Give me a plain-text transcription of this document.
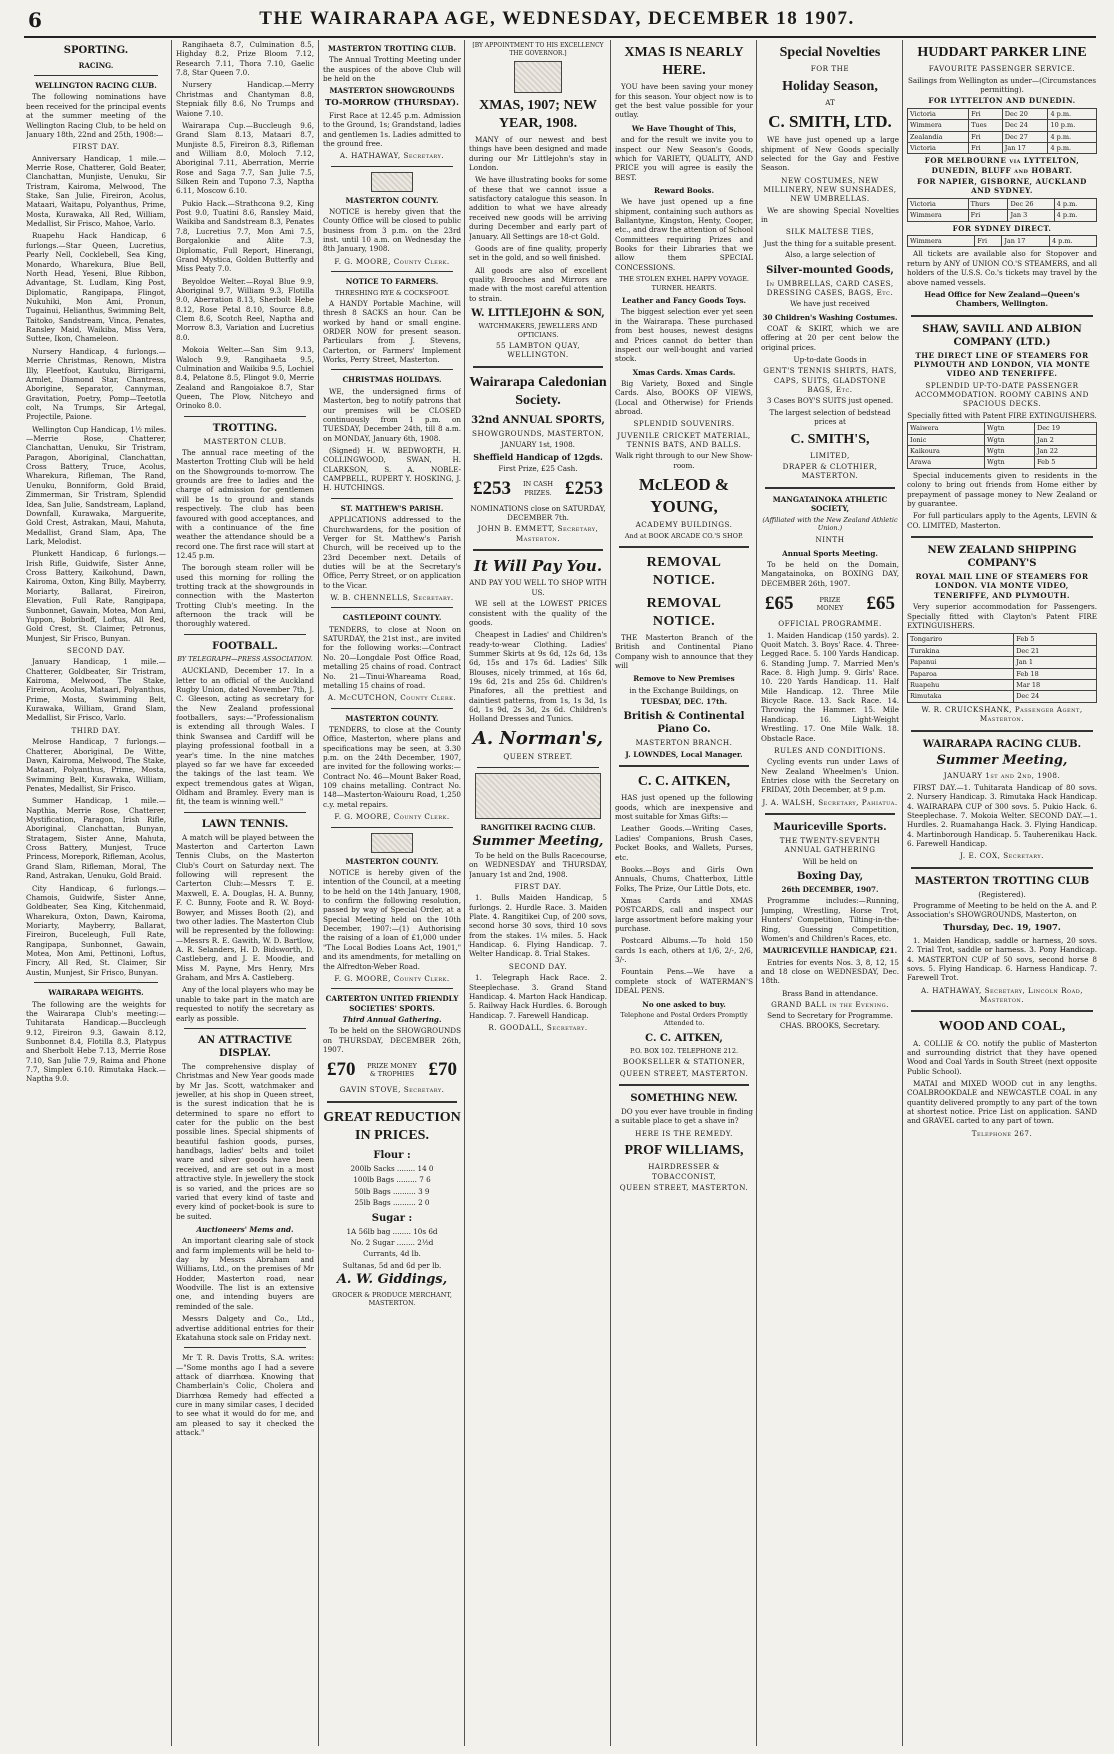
6	THE WAIRARAPA AGE, WEDNESDAY, DECEMBER 18 1907.
SPORTING.
RACING.
WELLINGTON RACING CLUB.

The following nominations have been received for the principal events at the summer meeting of the Wellington Racing Club, to be held on January 18th, 22nd and 25th, 1908:—

FIRST DAY.

Anniversary Handicap, 1 mile.—Merrie Rose, Chatterer, Gold Beater, Clanchattan, Munjiste, Uenuku, Sir Tristram, Kairoma, Melwood, The Stake, San Julie, Fireiron, Acolus, Mataari, Waitapu, Polyanthus, Prime, Mosta, Kurawaka, All Red, William, Medallist, Sir Frisco, Mahoe, Varlo.

Ruapehu Hack Handicap, 6 furlongs.—Star Queen, Lucretius, Pearly Nell, Cocklebell, Sea King, Monardo, Wharekura, Blue Bell, North Head, Yeseni, Blue Ribbon, Advantage, St. Ludlam, King Post, Diplomatic, Rangipapa, Flingot, Nukuhiki, Mon Ami, Pronun, Tugainui, Helianthus, Swimming Belt, Taitoko, Sandstream, Vinca, Penates, Ransley Maid, Waikiba, Miss Vera, Suttee, Ikon, Chameleon.

Nursery Handicap, 4 furlongs.—Merrie Christmas, Renown, Mistra Illy, Fleetfoot, Kautuku, Birrigarni, Armlet, Diamond Star, Chantress, Aborigine, Separator, Cannyman, Gravitation, Poetry, Pomp—Teetotla colt, Na Trumps, Sir Artegal, Projectile, Paione.

Wellington Cup Handicap, 1½ miles.—Merrie Rose, Chatterer, Clanchattan, Uenuku, Sir Tristram, Paragon, Aboriginal, Clanchattan, Cross Battery, Truce, Acolus, Wharekura, Rifleman, The Rand, Uenuku, Bonniform, Gold Braid, Zimmerman, Sir Tristram, Splendid Idea, San Julie, Sandstream, Lapland, Downfall, Kurawaka, Marguerite, Gold Crest, Astrakan, Maui, Mahuta, Medallist, Grand Slam, Apa, The Lark, Melodist.

Plunkett Handicap, 6 furlongs.—Irish Rifle, Guidwife, Sister Anne, Cross Battery, Kaikohund, Dawn, Kairoma, Oxton, King Billy, Mayberry, Moriarty, Ballarat, Fireiron, Elevation, Full Rate, Rangipapa, Sunbonnet, Gawain, Motea, Mon Ami, Yuppon, Bobriboff, Loftus, All Red, Gold Crest, St. Claimer, Petronus, Munjest, Sir Frisco, Bunyan.

SECOND DAY.

January Handicap, 1 mile.—Chatterer, Goldbeater, Sir Tristram, Kairoma, Melwood, The Stake, Fireiron, Acolus, Mataari, Polyanthus, Prime, Mosta, Swimming Belt, Kurawaka, William, Grand Slam, Medallist, Sir Frisco, Varlo.

THIRD DAY.

Melrose Handicap, 7 furlongs.—Chatterer, Aboriginal, De Witte, Dawn, Kairoma, Melwood, The Stake, Mataari, Polyanthus, Prime, Mosta, Swimming Belt, Kurawaka, William, Penates, Medallist, Sir Frisco.

Summer Handicap, 1 mile.—Napthia, Merrie Rose, Chatterer, Mystification, Paragon, Irish Rifle, Aboriginal, Clanchattan, Bunyan, Stratagem, Sister Anne, Mahuta, Cross Battery, Munjest, Truce Princess, Morepork, Rifleman, Acolus, Grand Slam, Rifleman, Moral, The Rand, Astrakan, Uenuku, Gold Braid.

City Handicap, 6 furlongs.—Chamois, Guidwife, Sister Anne, Goldbeater, Sea King, Kitchenmaid, Wharekura, Oxton, Dawn, Kairoma, Moriarty, Mayberry, Ballarat, Fireiron, Buceleugh, Full Rate, Rangipapa, Sunbonnet, Gawain, Motea, Mon Ami, Pettinoni, Loftus, Fincry, All Red, St. Claimer, Sir Austin, Munjest, Sir Frisco, Bunyan.

WAIRARAPA WEIGHTS.

The following are the weights for the Wairarapa Club's meeting:—Tuhitarata Handicap.—Buccleugh 9.12, Fireiron 9.3, Gawain 8.12, Sunbonnet 8.4, Flotilla 8.3, Platypus and Sherbolt Hebe 7.13, Merrie Rose 7.10, San Julie 7.9, Raima and Phone 7.7, Simplex 6.10. Rimutaka Hack.—Naptha 9.0.

Rangihaeta 8.7, Culmination 8.5, Highday 8.2, Prize Bloom 7.12, Research 7.11, Thora 7.10, Gaelic 7.8, Star Queen 7.0.

Nursery Handicap.—Merry Christmas and Chantyman 8.8, Stepniak filly 8.6, No Trumps and Waione 7.10.

Wairarapa Cup.—Buccleugh 9.6, Grand Slam 8.13, Mataari 8.7, Munjiste 8.5, Fireiron 8.3, Rifleman and William 8.0, Moloch 7.12, Aboriginal 7.11, Aberration, Merrie Rose and Saga 7.7, San Julie 7.5, Silken Rein and Tupono 7.3, Naptha 6.11, Moscow 6.10.

Pukio Hack.—Strathcona 9.2, King Post 9.0, Tuatini 8.6, Ransley Maid, Waikiba and Sandstream 8.3, Penates 7.8, Lucretius 7.7, Mon Ami 7.5, Borgalonkie and Alite 7.3, Diplomatic, Full Report, Hinerangi, Grand Mystica, Golden Butterfly and Miss Peaty 7.0.

Beyoldoe Welter.—Royal Blue 9.9, Aboriginal 9.7, William 9.3, Flotilla 9.0, Aberration 8.13, Sherbolt Hebe 8.12, Rose Petal 8.10, Source 8.8, Clem 8.6, Scotch Reel, Naptha and Morrow 8.3, Variation and Lucretius 8.0.

Mokoia Welter.—San Sim 9.13, Waloch 9.9, Rangihaeta 9.5, Culmination and Waikiba 9.5, Lochiel 8.4, Pelatone 8.5, Flingot 9.0, Merrie Zealand and Rangoiakoe 8.7, Star Queen, The Plow, Nitcheyo and Orinoko 8.0.

TROTTING.
MASTERTON CLUB.

The annual race meeting of the Masterton Trotting Club will be held on the Showgrounds to-morrow. The grounds are free to ladies and the charge of admission for gentlemen will be 1s to ground and stands respectively. The club has been favoured with good acceptances, and with a continuance of the fine weather the attendance should be a record one. The first race will start at 12.45 p.m.

The borough steam roller will be used this morning for rolling the trotting track at the showgrounds in connection with the Masterton Trotting Club's meeting. In the afternoon the track will be thoroughly watered.

FOOTBALL.
BY TELEGRAPH—PRESS ASSOCIATION.

AUCKLAND, December 17. In a letter to an official of the Auckland Rugby Union, dated November 7th, J. C. Gleeson, acting as secretary for the New Zealand professional footballers, says:—"Professionalism is extending all through Wales. I think Swansea and Cardiff will be playing professional football in a year's time. In the nine matches played so far we have far exceeded the takings of the last team. We expect tremendous gates at Wigan, Oldham and Bramley. Every man is fit, the team is winning well."

LAWN TENNIS.

A match will be played between the Masterton and Carterton Lawn Tennis Clubs, on the Masterton Club's Court on Saturday next. The following will represent the Carterton Club:—Messrs T. E. Maxwell, E. A. Douglas, H. A. Bunny, F. C. Bunny, Foote and R. W. Boyd-Bowyer, and Misses Booth (2), and two other ladies. The Masterton Club will be represented by the following:—Messrs R. E. Gawith, W. D. Bartlow, A. R. Selanders, H. D. Bidsworth, D. Castleberg, and J. E. Moodie, and Miss M. Payne, Mrs Henry, Mrs Graham, and Mrs A. Castleberg.

Any of the local players who may be unable to take part in the match are requested to notify the secretary as early as possible.

AN ATTRACTIVE DISPLAY.

The comprehensive display of Christmas and New Year goods made by Mr Jas. Scott, watchmaker and jeweller, at his shop in Queen street, is the surest indication that he is determined to spare no effort to cater for the public on the best possible lines. Special shipments of beautiful fashion goods, purses, handbags, ladies' belts and toilet ware and silver goods have been received, and are set out in a most attractive style. In jewellery the stock is so varied, and the prices are so varied that every kind of taste and every kind of pocket-book is sure to be suited.

Auctioneers' Mems and.

An important clearing sale of stock and farm implements will be held to-day by Messrs Abraham and Williams, Ltd., on the premises of Mr Hodder, Masterton road, near Woodville. The list is an extensive one, and intending buyers are reminded of the sale.

Messrs Dalgety and Co., Ltd., advertise additional entries for their Ekatahuna stock sale on Friday next.

Mr T. R. Davis Trotts, S.A. writes:—"Some months ago I had a severe attack of diarrhœa. Knowing that Chamberlain's Colic, Cholera and Diarrhœa Remedy had effected a cure in many similar cases, I decided to see what it would do for me, and am pleased to say it checked the attack."

MASTERTON TROTTING CLUB.

The Annual Trotting Meeting under the auspices of the above Club will be held on the

MASTERTON SHOWGROUNDS
TO-MORROW (THURSDAY).

First Race at 12.45 p.m. Admission to the Ground, 1s; Grandstand, ladies and gentlemen 1s. Ladies admitted to the ground free.

A. HATHAWAY, Secretary.
MASTERTON COUNTY.

NOTICE is hereby given that the County Office will be closed to public business from 3 p.m. on the 23rd inst. until 10 a.m. on Wednesday the 8th January, 1908.

F. G. MOORE, County Clerk.
NOTICE TO FARMERS.
THRESHING RYE & COCKSFOOT.

A HANDY Portable Machine, will thresh 8 SACKS an hour. Can be worked by hand or small engine. ORDER NOW for present season. Particulars from J. Stevens, Carterton, or Farmers' Implement Works, Perry Street, Masterton.

CHRISTMAS HOLIDAYS.

WE, the undersigned firms of Masterton, beg to notify patrons that our premises will be CLOSED continuously from 1 p.m. on TUESDAY, December 24th, till 8 a.m. on MONDAY, January 6th, 1908.

(Signed) H. W. BEDWORTH, H. COLLINGWOOD, SWAN, H. CLARKSON, S. A. NOBLE-CAMPBELL, RUPERT Y. HOSKING, J. H. HUTCHINGS.

ST. MATTHEW'S PARISH.

APPLICATIONS addressed to the Churchwardens, for the position of Verger for St. Matthew's Parish Church, will be received up to the 23rd December next. Details of duties will be at the Secretary's Office, Perry Street, or on application to the Vicar.

W. B. CHENNELLS, Secretary.
CASTLEPOINT COUNTY.

TENDERS, to close at Noon on SATURDAY, the 21st inst., are invited for the following works:—Contract No. 20—Longdale Post Office Road, metalling 25 chains of road. Contract No. 21—Tinui-Whareama Road, metalling 15 chains of road.

A. McCUTCHON, County Clerk.
MASTERTON COUNTY.

TENDERS, to close at the County Office, Masterton, where plans and specifications may be seen, at 3.30 p.m. on the 24th December, 1907, are invited for the following works:—Contract No. 46—Mount Baker Road, 109 chains metalling. Contract No. 148—Masterton-Waiouru Road, 1,250 c.y. metal repairs.

F. G. MOORE, County Clerk.
MASTERTON COUNTY.

NOTICE is hereby given of the intention of the Council, at a meeting to be held on the 14th January, 1908, to confirm the following resolution, passed by way of Special Order, at a Special Meeting held on the 10th December, 1907:—(1) Authorising the raising of a loan of £1,000 under "The Local Bodies Loans Act, 1901," and its amendments, for metalling on the Alfredton-Weber Road.

F. G. MOORE, County Clerk.
CARTERTON UNITED FRIENDLY SOCIETIES' SPORTS.
Third Annual Gathering.

To be held on the SHOWGROUNDS on THURSDAY, DECEMBER 26th, 1907.

£70 PRIZE MONEY & TROPHIES £70
GAVIN STOVE, Secretary.
GREAT REDUCTION IN PRICES.
Flour :
200lb Sacks ........ 14 0
100lb Bags ......... 7 6
50lb Bags .......... 3 9
25lb Bags .......... 2 0
Sugar :
1A 56lb bag ........ 10s 6d
No. 2 Sugar ........ 2½d
Currants, 4d lb.
Sultanas, 5d and 6d per lb.
A. W. Giddings,
GROCER & PRODUCE MERCHANT, MASTERTON.
[BY APPOINTMENT TO HIS EXCELLENCY THE GOVERNOR.]
XMAS, 1907; NEW YEAR, 1908.

MANY of our newest and best things have been designed and made during our Mr Littlejohn's stay in London.

We have illustrating books for some of these that we cannot issue a satisfactory catalogue this season. In addition to what we have already received new goods will be arriving during December and early part of January. All Settings are 18-ct Gold.

Goods are of fine quality, properly set in the gold, and so well finished.

All goods are also of excellent quality. Brooches and Mirrors are made with the most careful attention to strain.

W. LITTLEJOHN & SON,
WATCHMAKERS, JEWELLERS AND OPTICIANS.
55 LAMBTON QUAY, WELLINGTON.
Wairarapa Caledonian Society.
32nd ANNUAL SPORTS,
SHOWGROUNDS, MASTERTON,
JANUARY 1st, 1908.
Sheffield Handicap of 12gds.
First Prize, £25 Cash.
£253	IN CASH PRIZES. £253
NOMINATIONS close on SATURDAY, DECEMBER 7th.
JOHN B. EMMETT, Secretary, Masterton.
It Will Pay You.
AND PAY YOU WELL TO SHOP WITH US.

WE sell at the LOWEST PRICES consistent with the quality of the goods.

Cheapest in Ladies' and Children's ready-to-wear Clothing. Ladies' Summer Skirts at 9s 6d, 12s 6d, 13s 6d, 15s and 17s 6d. Ladies' Silk Blouses, nicely trimmed, at 16s 6d, 19s 6d, 21s and 25s 6d. Children's Pinafores, all the prettiest and daintiest patterns, from 1s, 1s 3d, 1s 6d, 1s 9d, 2s 3d, 2s 6d. Children's Holland Dresses and Tunics.

A. Norman's,
QUEEN STREET.
RANGITIKEI RACING CLUB.
Summer Meeting,

To be held on the Bulls Racecourse, on WEDNESDAY and THURSDAY, January 1st and 2nd, 1908.

FIRST DAY.

1. Bulls Maiden Handicap, 5 furlongs. 2. Hurdle Race. 3. Maiden Plate. 4. Rangitikei Cup, of 200 sovs, second horse 30 sovs, third 10 sovs from the stakes. 1¼ miles. 5. Hack Handicap. 6. Flying Handicap. 7. Welter Handicap. 8. Trial Stakes.

SECOND DAY.

1. Telegraph Hack Race. 2. Steeplechase. 3. Grand Stand Handicap. 4. Marton Hack Handicap. 5. Railway Hack Hurdles. 6. Borough Handicap. 7. Farewell Handicap.

R. GOODALL, Secretary.
XMAS IS NEARLY HERE.

YOU have been saving your money for this season. Your object now is to get the best value possible for your outlay.

We Have Thought of This,

and for the result we invite you to inspect our New Season's Goods, which for VARIETY, QUALITY, AND PRICE you will agree is easily the BEST.

Reward Books.

We have just opened up a fine shipment, containing such authors as Ballantyne, Kingston, Henty, Cooper, etc., and draw the attention of School Committees requiring Prizes and Books for their Libraries that we allow them SPECIAL CONCESSIONS.

THE STOLEN EXHEL HAPPY VOYAGE. TURNER. HEARTS.
Leather and Fancy Goods Toys.

The biggest selection ever yet seen in the Wairarapa. These purchased from best houses, newest designs and Prices cannot do better than inspect our well-bought and varied stock.

Xmas Cards. Xmas Cards.

Big Variety, Boxed and Single Cards. Also, BOOKS OF VIEWS, (Local and Otherwise) for Friends abroad.

SPLENDID SOUVENIRS.
JUVENILE CRICKET MATERIAL, TENNIS BATS, AND BALLS.
Walk right through to our New Show-room.
McLEOD & YOUNG,
ACADEMY BUILDINGS.
And at BOOK ARCADE CO.'S SHOP.
REMOVAL NOTICE.
REMOVAL NOTICE.

THE Masterton Branch of the British and Continental Piano Company wish to announce that they will

Remove to New Premises
in the Exchange Buildings, on
TUESDAY, DEC. 17th.
British & Continental Piano Co.
MASTERTON BRANCH.
J. LOWNDES, Local Manager.
C. C. AITKEN,

HAS just opened up the following goods, which are inexpensive and most suitable for Xmas Gifts:—

Leather Goods.—Writing Cases, Ladies' Companions, Brush Cases, Pocket Books, and Wallets, Purses, etc.

Books.—Boys and Girls Own Annuals, Chums, Chatterbox, Little Folks, The Prize, Our Little Dots, etc.

Xmas Cards and XMAS POSTCARDS, call and inspect our large assortment before making your purchase.

Postcard Albums.—To hold 150 cards 1s each, others at 1/6, 2/-, 2/6, 3/-.

Fountain Pens.—We have a complete stock of WATERMAN'S IDEAL PENS.

No one asked to buy.
Telephone and Postal Orders Promptly Attended to.
C. C. AITKEN,
P.O. BOX 102. TELEPHONE 212.
BOOKSELLER & STATIONER,
QUEEN STREET, MASTERTON.
SOMETHING NEW.

DO you ever have trouble in finding a suitable place to get a shave in?

HERE IS THE REMEDY.
PROF WILLIAMS,
HAIRDRESSER & TOBACCONIST,
QUEEN STREET, MASTERTON.
Special Novelties
FOR THE
Holiday Season,
AT
C. SMITH, LTD.

WE have just opened up a large shipment of New Goods specially selected for the Gay and Festive Season.

NEW COSTUMES, NEW MILLINERY, NEW SUNSHADES, NEW UMBRELLAS.

We are showing Special Novelties in

SILK MALTESE TIES,
Just the thing for a suitable present.
Also, a large selection of
Silver-mounted Goods,
In UMBRELLAS, CARD CASES, DRESSING CASES, BAGS, Etc.
We have just received
30 Children's Washing Costumes.

COAT & SKIRT, which we are offering at 20 per cent below the original prices.

Up-to-date Goods in
GENT'S TENNIS SHIRTS, HATS, CAPS, SUITS, GLADSTONE BAGS, Etc.
3 Cases BOY'S SUITS just opened.
The largest selection of bedstead prices at
C. SMITH'S,
LIMITED,
DRAPER & CLOTHIER, MASTERTON.
MANGATAINOKA ATHLETIC SOCIETY,
(Affiliated with the New Zealand Athletic Union.)
NINTH
Annual Sports Meeting.

To be held on the Domain, Mangatainoka, on BOXING DAY, DECEMBER 26th, 1907.

£65	PRIZE MONEY	£65
OFFICIAL PROGRAMME.

1. Maiden Handicap (150 yards). 2. Quoit Match. 3. Boys' Race. 4. Three-Legged Race. 5. 100 Yards Handicap. 6. Standing Jump. 7. Married Men's Race. 8. High Jump. 9. Girls' Race. 10. 220 Yards Handicap. 11. Half Mile Handicap. 12. Three Mile Bicycle Race. 13. Sack Race. 14. Throwing the Hammer. 15. Mile Handicap. 16. Light-Weight Wrestling. 17. One Mile Walk. 18. Obstacle Race.

RULES AND CONDITIONS.

Cycling events run under Laws of New Zealand Wheelmen's Union. Entries close with the Secretary on FRIDAY, 20th December, at 9 p.m.

J. A. WALSH, Secretary, Pahiatua.
Mauriceville Sports.
THE TWENTY-SEVENTH ANNUAL GATHERING
Will be held on
Boxing Day,
26th DECEMBER, 1907.

Programme includes:—Running, Jumping, Wrestling, Horse Trot, Hunters' Competition, Tilting-in-the-Ring, Guessing Competition, Women's and Children's Races, etc.

MAURICEVILLE HANDICAP, £21.

Entries for events Nos. 3, 8, 12, 15 and 18 close on WEDNESDAY, Dec. 18th.

Brass Band in attendance.
GRAND BALL in the Evening.
Send to Secretary for Programme. CHAS. BROOKS, Secretary.
HUDDART PARKER LINE
FAVOURITE PASSENGER SERVICE.
Sailings from Wellington as under—(Circumstances permitting).
FOR LYTTELTON AND DUNEDIN.
Victoria	Fri	Dec 20	4 p.m.
Wimmera	Tues	Dec 24	10 p.m.
Zealandia	Fri	Dec 27	4 p.m.
Victoria	Fri	Jan 17	4 p.m.
FOR MELBOURNE via LYTTELTON, DUNEDIN, BLUFF and HOBART.
FOR NAPIER, GISBORNE, AUCKLAND AND SYDNEY.
Victoria	Thurs	Dec 26	4 p.m.
Wimmera	Fri	Jan 3	4 p.m.
FOR SYDNEY DIRECT.
Wimmera	Fri	Jan 17	4 p.m.

All tickets are available also for Stopover and return by ANY of UNION CO.'S STEAMERS, and all holders of the U.S.S. Co.'s tickets may travel by the above named vessels.

Head Office for New Zealand—Queen's Chambers, Wellington.
SHAW, SAVILL AND ALBION COMPANY (LTD.)
THE DIRECT LINE OF STEAMERS FOR PLYMOUTH AND LONDON, VIA MONTE VIDEO AND TENERIFFE.
SPLENDID UP-TO-DATE PASSENGER ACCOMMODATION. ROOMY CABINS AND SPACIOUS DECKS.
Specially fitted with Patent FIRE EXTINGUISHERS.
Waiwera	Wgtn	Dec 19
Ionic	Wgtn	Jan 2
Kaikoura	Wgtn	Jan 22
Arawa	Wgtn	Feb 5

Special inducements given to residents in the colony to bring out friends from Home either by prepayment of passage money to New Zealand or by guarantee.

For full particulars apply to the Agents, LEVIN & CO. LIMITED, Masterton.

NEW ZEALAND SHIPPING COMPANY'S
ROYAL MAIL LINE OF STEAMERS FOR LONDON. VIA MONTE VIDEO, TENERIFFE, AND PLYMOUTH.

Very superior accommodation for Passengers. Specially fitted with Clayton's Patent FIRE EXTINGUISHERS.

Tongariro	Feb 5
Turakina	Dec 21
Papanui	Jan 1
Paparoa	Feb 18
Ruapehu	Mar 18
Rimutaka	Dec 24
W. R. CRUICKSHANK, Passenger Agent, Masterton.
WAIRARAPA RACING CLUB.
Summer Meeting,
JANUARY 1st and 2nd, 1908.

FIRST DAY.—1. Tuhitarata Handicap of 80 sovs. 2. Nursery Handicap. 3. Rimutaka Hack Handicap. 4. WAIRARAPA CUP of 300 sovs. 5. Pukio Hack. 6. Steeplechase. 7. Mokoia Welter. SECOND DAY.—1. Hurdles. 2. Ruamahanga Hack. 3. Flying Handicap. 4. Martinborough Handicap. 5. Tauherenikau Hack. 6. Farewell Handicap.

J. E. COX, Secretary.
MASTERTON TROTTING CLUB
(Registered).

Programme of Meeting to be held on the A. and P. Association's SHOWGROUNDS, Masterton, on

Thursday, Dec. 19, 1907.

1. Maiden Handicap, saddle or harness, 20 sovs. 2. Trial Trot, saddle or harness. 3. Pony Handicap. 4. MASTERTON CUP of 50 sovs, second horse 8 sovs. 5. Flying Handicap. 6. Harness Handicap. 7. Farewell Trot.

A. HATHAWAY, Secretary, Lincoln Road, Masterton.
WOOD AND COAL,

A. COLLIE & CO. notify the public of Masterton and surrounding district that they have opened Wood and Coal Yards in South Street (next opposite Public School).

MATAI and MIXED WOOD cut in any lengths. COALBROOKDALE and NEWCASTLE COAL in any quantity delivered promptly to any part of the town at shortest notice. Price List on application. SAND and GRAVEL carted to any part of town.

Telephone 267.
